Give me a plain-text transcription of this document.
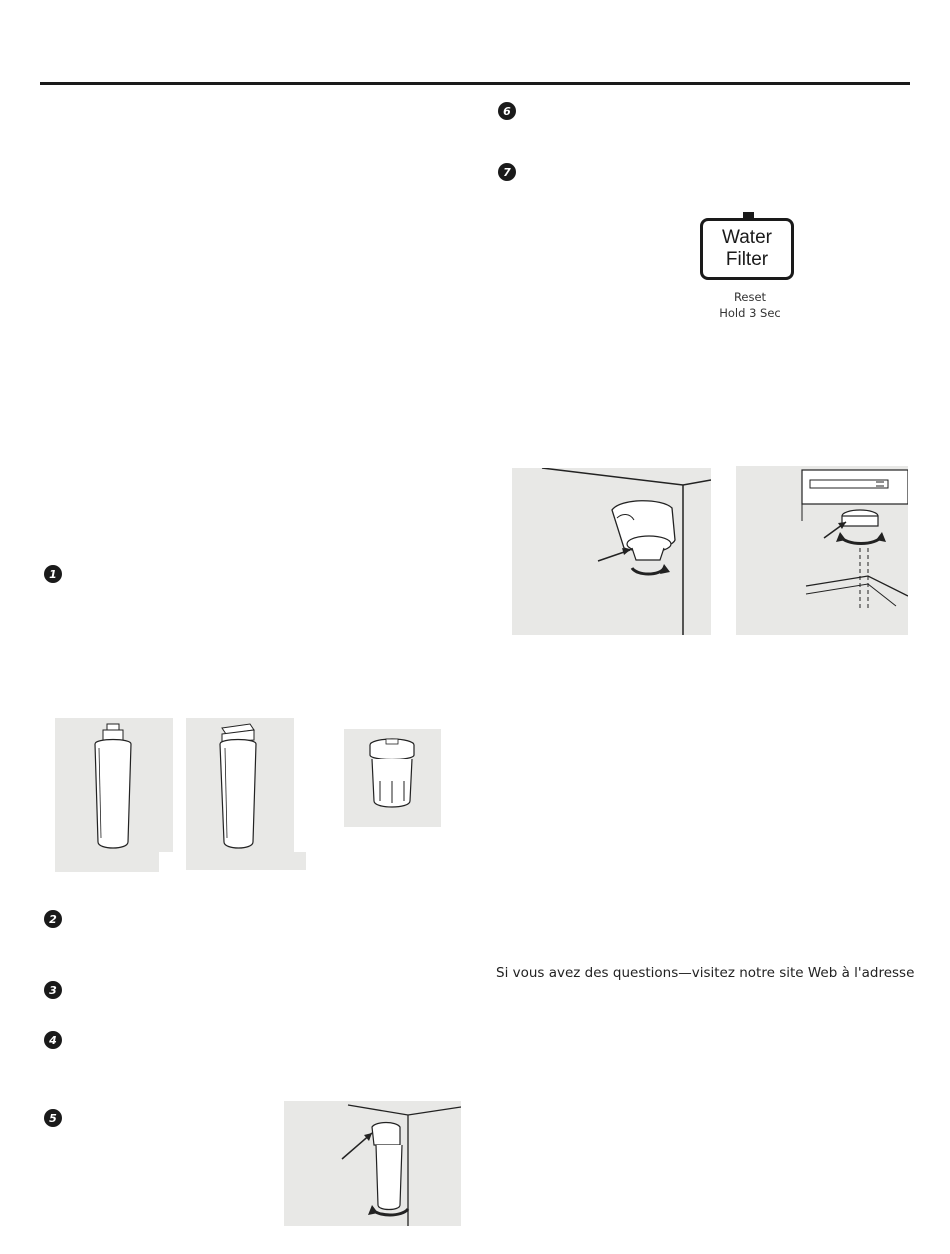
6
7
1
2
3
4
5
Water
Filter
Reset
Hold 3 Sec
Si vous avez des questions—visitez notre site Web à l'adresse
